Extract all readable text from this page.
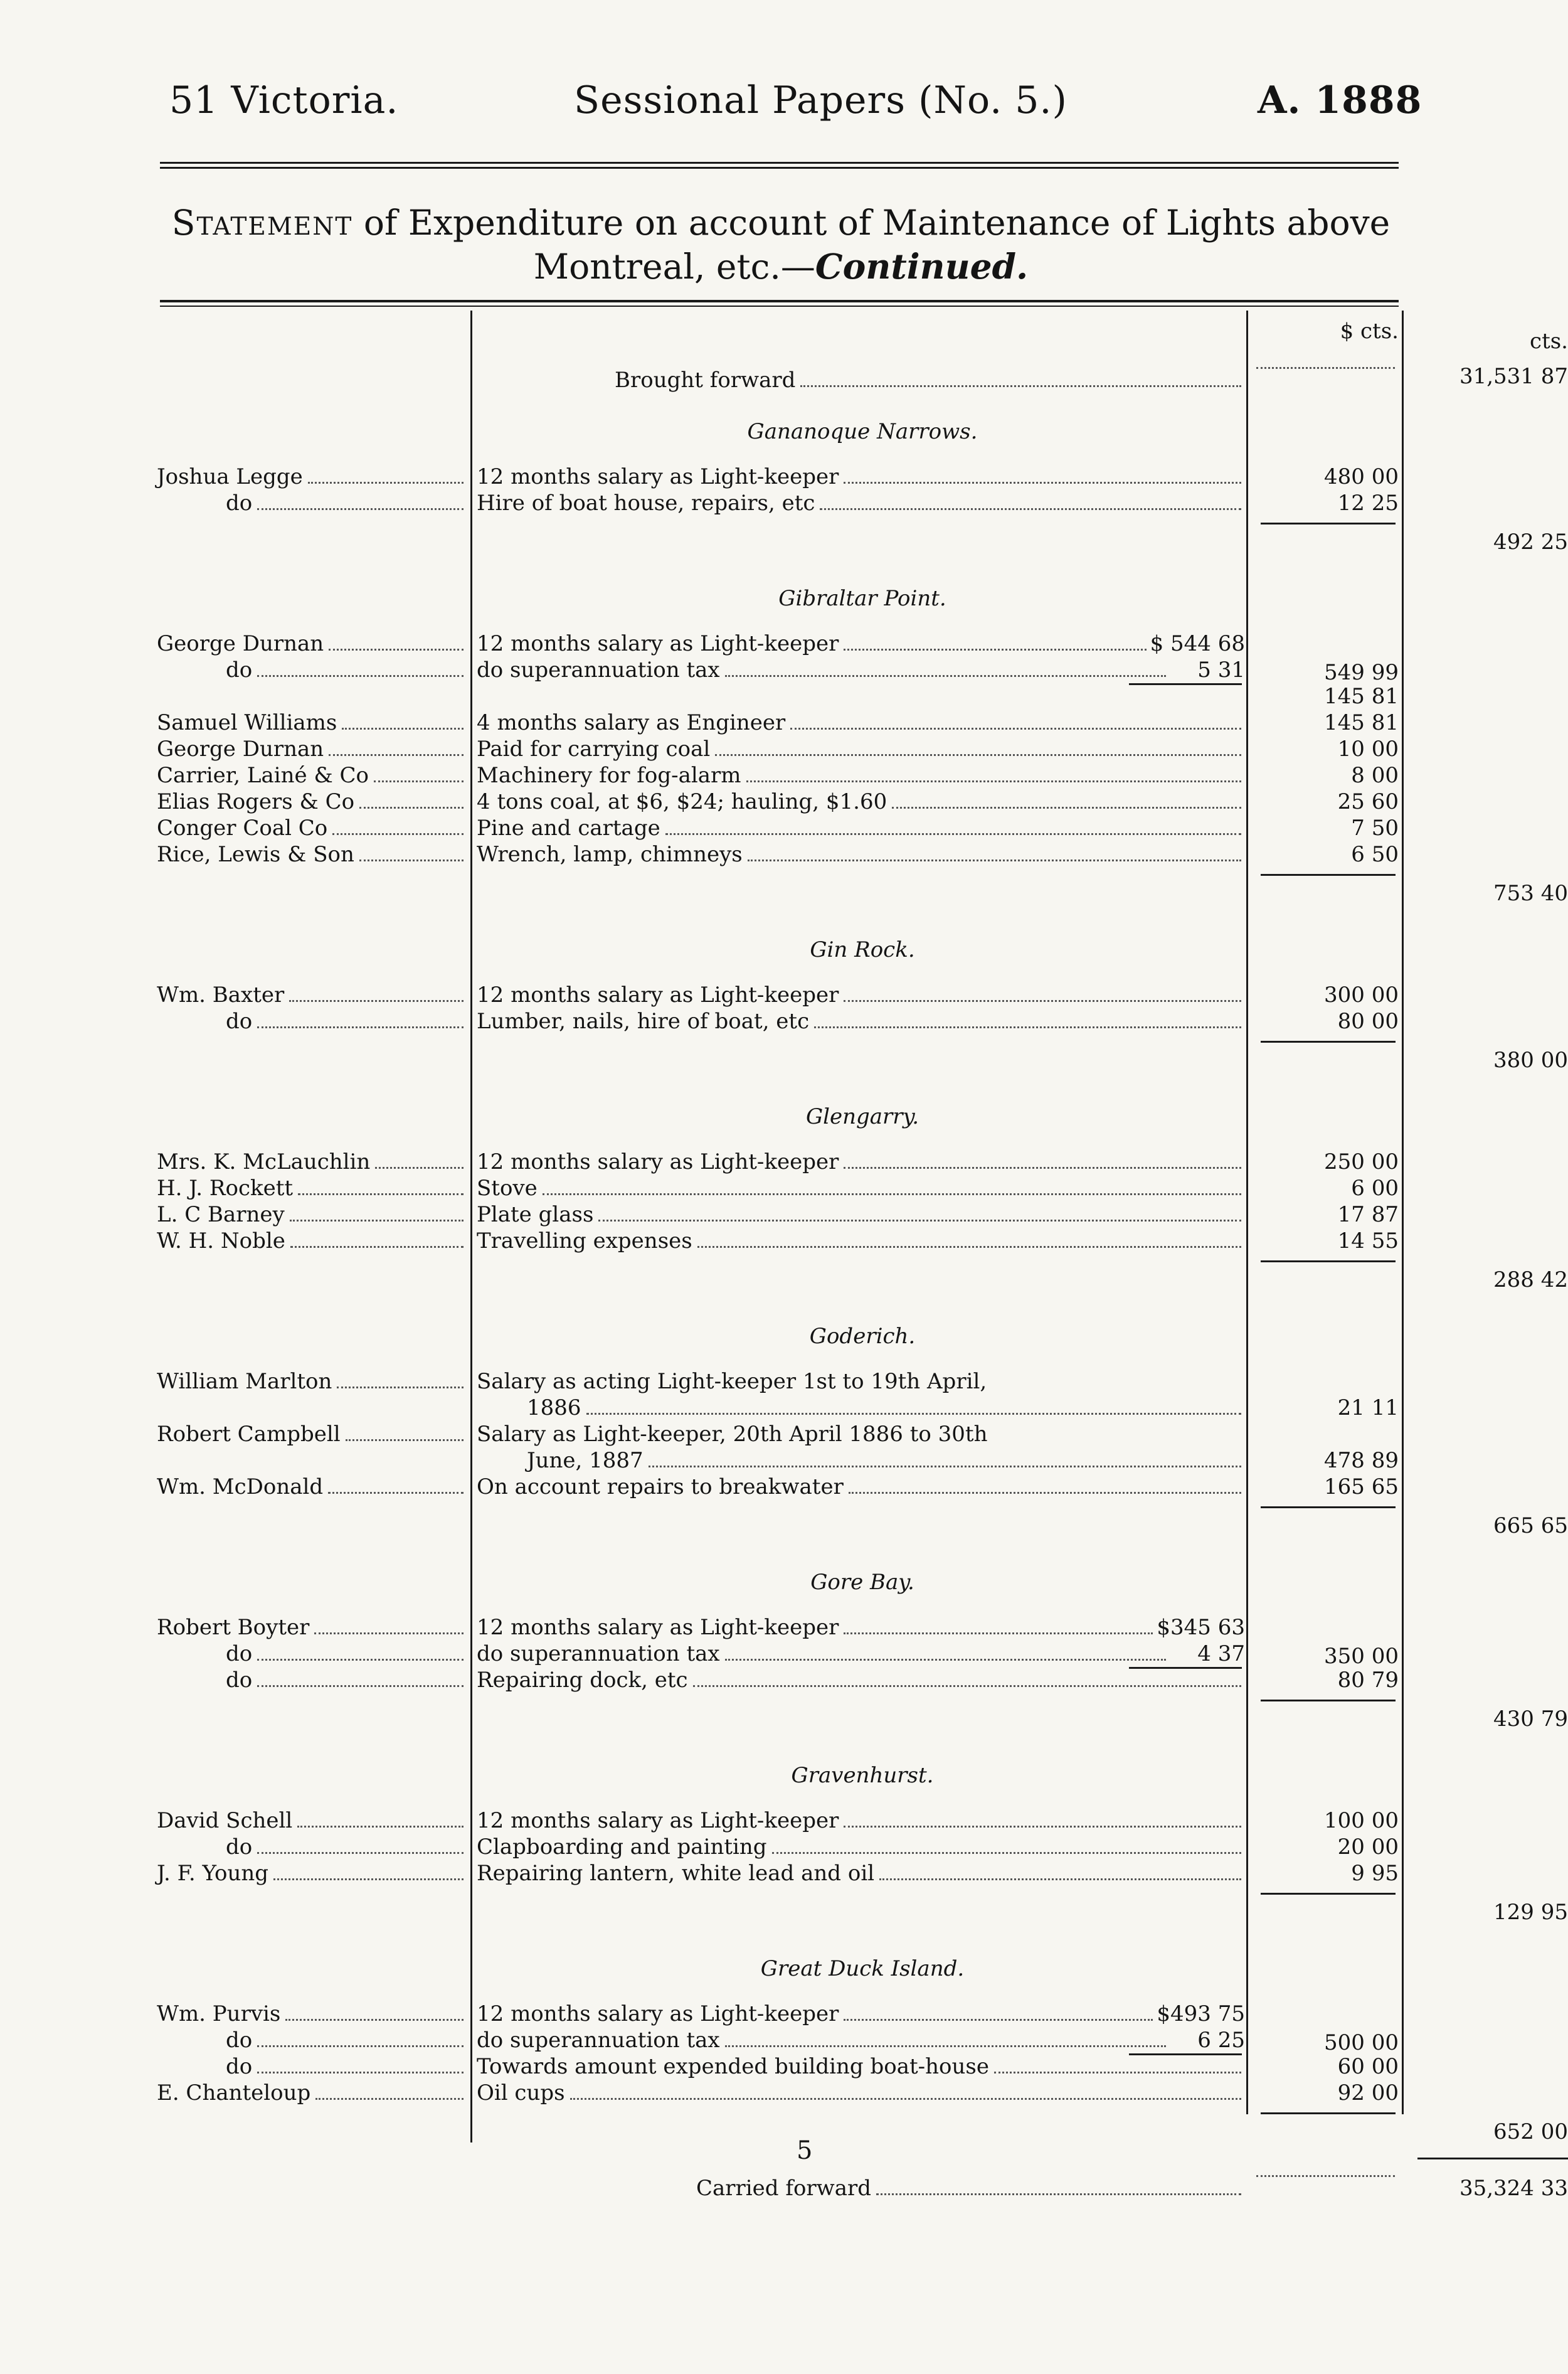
51 Victoria.	Sessional Papers (No. 5.)	A. 1888
Statement of Expenditure on account of Maintenance of Lights above
Montreal, etc.—Continued.
$ cts.	cts.
Brought forward	31,531 87
Gananoque Narrows.
Joshua Legge	12 months salary as Light-keeper	480 00
do	Hire of boat house, repairs, etc	12 25
492 25
Gibraltar Point.
George Durnan	12 months salary as Light-keeper	$ 544 68
do	do superannuation tax	5 31	549 99
145 81
Samuel Williams	4 months salary as Engineer	145 81
George Durnan	Paid for carrying coal	10 00
Carrier, Lainé & Co	Machinery for fog-alarm	8 00
Elias Rogers & Co	4 tons coal, at $6, $24; hauling, $1.60	25 60
Conger Coal Co	Pine and cartage	7 50
Rice, Lewis & Son	Wrench, lamp, chimneys	6 50
753 40
Gin Rock.
Wm. Baxter	12 months salary as Light-keeper	300 00
do	Lumber, nails, hire of boat, etc	80 00
380 00
Glengarry.
Mrs. K. McLauchlin	12 months salary as Light-keeper	250 00
H. J. Rockett	Stove	6 00
L. C Barney	Plate glass	17 87
W. H. Noble	Travelling expenses	14 55
288 42
Goderich.
William Marlton	Salary as acting Light-keeper 1st to 19th April,
1886	21 11
Robert Campbell	Salary as Light-keeper, 20th April 1886 to 30th
June, 1887	478 89
Wm. McDonald	On account repairs to breakwater	165 65
665 65
Gore Bay.
Robert Boyter	12 months salary as Light-keeper	$345 63
do	do superannuation tax	4 37	350 00
do	Repairing dock, etc	80 79
430 79
Gravenhurst.
David Schell	12 months salary as Light-keeper	100 00
do	Clapboarding and painting	20 00
J. F. Young	Repairing lantern, white lead and oil	9 95
129 95
Great Duck Island.
Wm. Purvis	12 months salary as Light-keeper	$493 75
do	do superannuation tax	6 25	500 00
do	Towards amount expended building boat-house	60 00
E. Chanteloup	Oil cups	92 00
652 00
Carried forward	35,324 33
5
